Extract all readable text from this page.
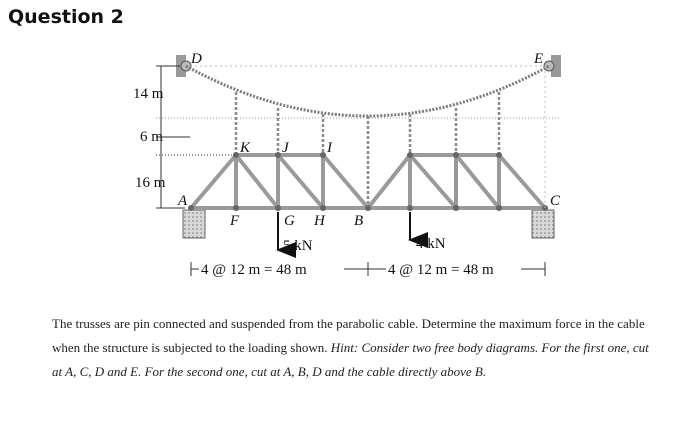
Question 2
14 m
6 m
16 m
D	E
K J	I
A	C
F	G H B
5 kN	4 kN
4 @ 12 m = 48 m	4 @ 12 m = 48 m
The trusses are pin connected and suspended from the parabolic cable. Determine the maximum force in the cable when the structure is subjected to the loading shown. Hint: Consider two free body diagrams. For the first one, cut at A, C, D and E. For the second one, cut at A, B, D and the cable directly above B.
